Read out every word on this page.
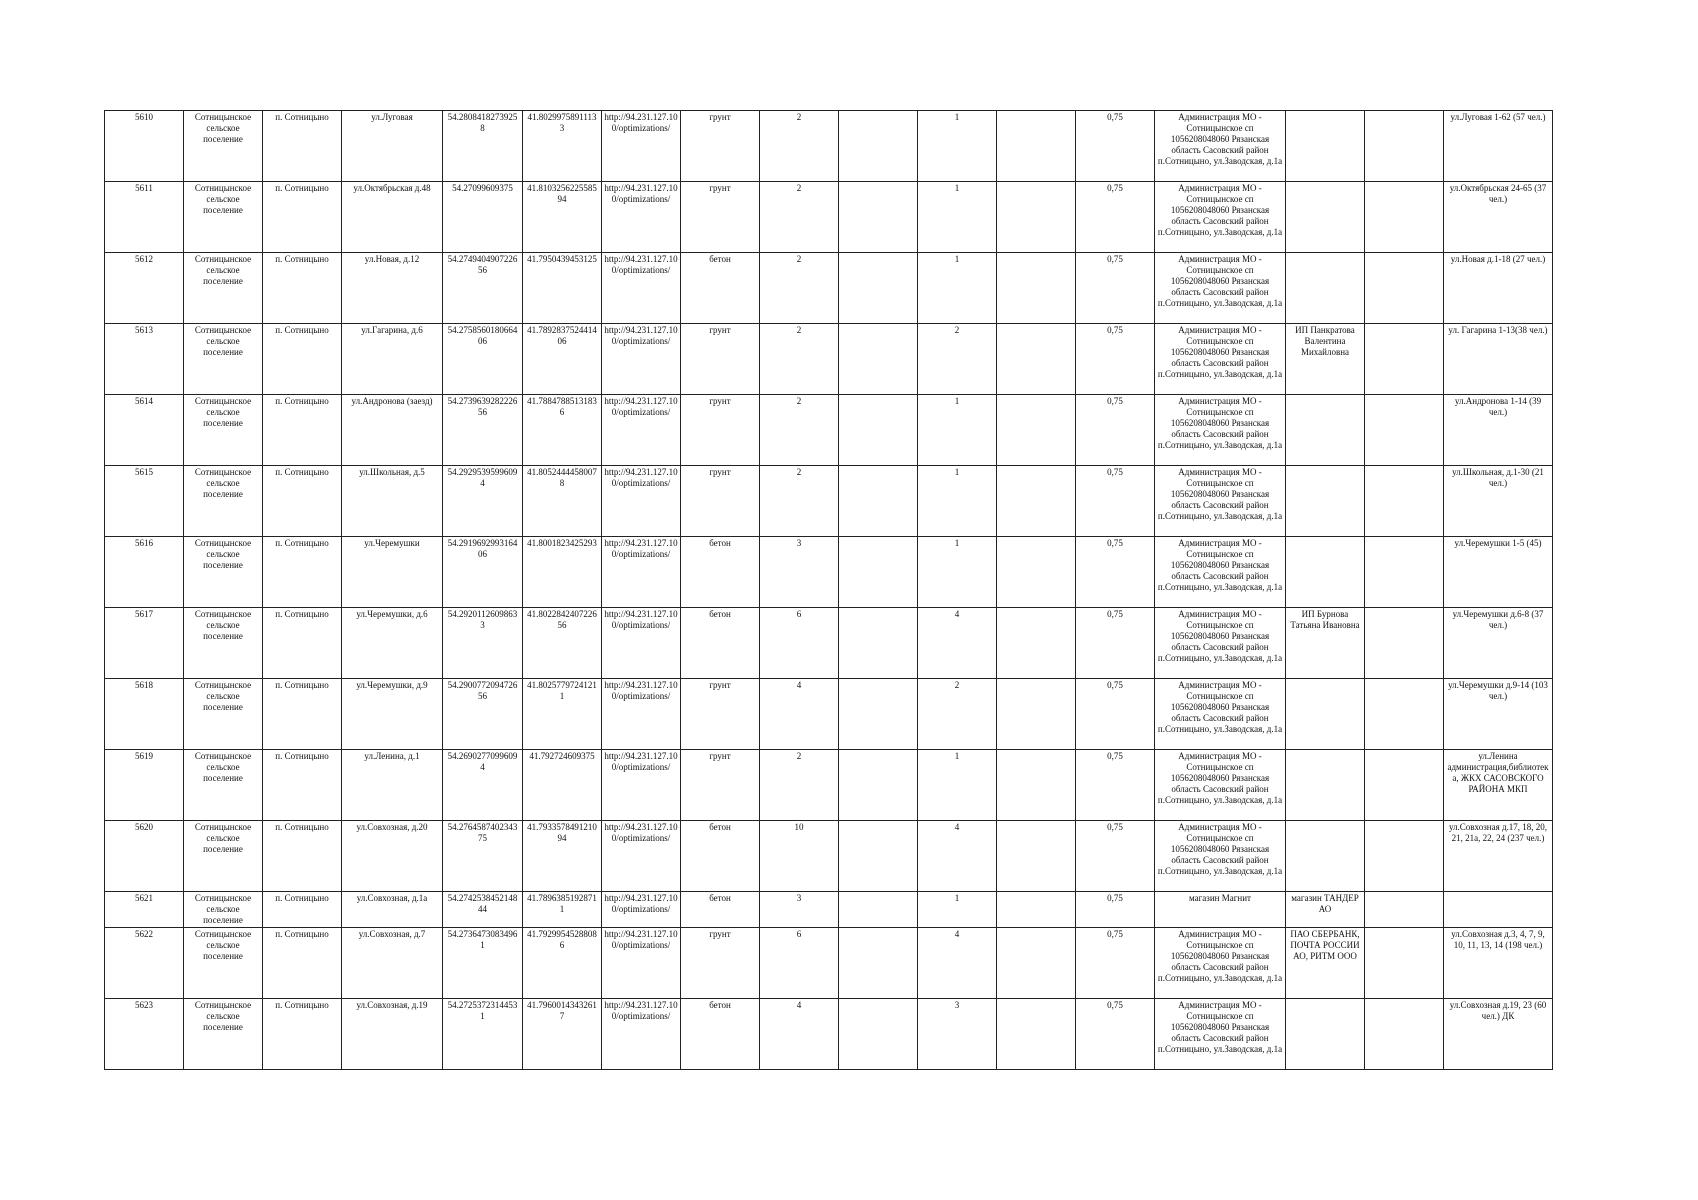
5610	Сотницынское сельское поселение	п. Сотницыно	ул.Луговая	54.2808418273925 8	41.8029975891113 3	http://94.231.127.10 0/optimizations/	грунт	2		1		0,75	Администрация МО - Сотницынское сп 1056208048060 Рязанская область Сасовский район п.Сотницыно, ул.Заводская, д.1а			ул.Луговая 1-62 (57 чел.)
5611	Сотницынское сельское поселение	п. Сотницыно	ул.Октябрьская д.48	54.27099609375	41.8103256225585 94	http://94.231.127.10 0/optimizations/	грунт	2		1		0,75	Администрация МО - Сотницынское сп 1056208048060 Рязанская область Сасовский район п.Сотницыно, ул.Заводская, д.1а			ул.Октябрьская 24-65 (37 чел.)
5612	Сотницынское сельское поселение	п. Сотницыно	ул.Новая, д.12	54.2749404907226 56	41.7950439453125	http://94.231.127.10 0/optimizations/	бетон	2		1		0,75	Администрация МО - Сотницынское сп 1056208048060 Рязанская область Сасовский район п.Сотницыно, ул.Заводская, д.1а			ул.Новая д.1-18 (27 чел.)
5613	Сотницынское сельское поселение	п. Сотницыно	ул.Гагарина, д.6	54.2758560180664 06	41.7892837524414 06	http://94.231.127.10 0/optimizations/	грунт	2		2		0,75	Администрация МО - Сотницынское сп 1056208048060 Рязанская область Сасовский район п.Сотницыно, ул.Заводская, д.1а	ИП Панкратова Валентина Михайловна		ул. Гагарина 1-13(38 чел.)
5614	Сотницынское сельское поселение	п. Сотницыно	ул.Андронова (заезд)	54.2739639282226 56	41.7884788513183 6	http://94.231.127.10 0/optimizations/	грунт	2		1		0,75	Администрация МО - Сотницынское сп 1056208048060 Рязанская область Сасовский район п.Сотницыно, ул.Заводская, д.1а			ул.Андронова 1-14 (39 чел.)
5615	Сотницынское сельское поселение	п. Сотницыно	ул.Школьная, д.5	54.2929539599609 4	41.8052444458007 8	http://94.231.127.10 0/optimizations/	грунт	2		1		0,75	Администрация МО - Сотницынское сп 1056208048060 Рязанская область Сасовский район п.Сотницыно, ул.Заводская, д.1а			ул.Школьная, д.1-30 (21 чел.)
5616	Сотницынское сельское поселение	п. Сотницыно	ул.Черемушки	54.2919692993164 06	41.8001823425293	http://94.231.127.10 0/optimizations/	бетон	3		1		0,75	Администрация МО - Сотницынское сп 1056208048060 Рязанская область Сасовский район п.Сотницыно, ул.Заводская, д.1а			ул.Черемушки 1-5 (45)
5617	Сотницынское сельское поселение	п. Сотницыно	ул.Черемушки, д.6	54.2920112609863 3	41.8022842407226 56	http://94.231.127.10 0/optimizations/	бетон	6		4		0,75	Администрация МО - Сотницынское сп 1056208048060 Рязанская область Сасовский район п.Сотницыно, ул.Заводская, д.1а	ИП Бурнова Татьяна Ивановна		ул.Черемушки д.6-8 (37 чел.)
5618	Сотницынское сельское поселение	п. Сотницыно	ул.Черемушки, д.9	54.2900772094726 56	41.8025779724121 1	http://94.231.127.10 0/optimizations/	грунт	4		2		0,75	Администрация МО - Сотницынское сп 1056208048060 Рязанская область Сасовский район п.Сотницыно, ул.Заводская, д.1а			ул.Черемушки д.9-14 (103 чел.)
5619	Сотницынское сельское поселение	п. Сотницыно	ул.Ленина, д.1	54.2690277099609 4	41.792724609375	http://94.231.127.10 0/optimizations/	грунт	2		1		0,75	Администрация МО - Сотницынское сп 1056208048060 Рязанская область Сасовский район п.Сотницыно, ул.Заводская, д.1а			ул.Ленина администрация,библиотека, ЖКХ САСОВСКОГО РАЙОНА МКП
5620	Сотницынское сельское поселение	п. Сотницыно	ул.Совхозная, д.20	54.2764587402343 75	41.7933578491210 94	http://94.231.127.10 0/optimizations/	бетон	10		4		0,75	Администрация МО - Сотницынское сп 1056208048060 Рязанская область Сасовский район п.Сотницыно, ул.Заводская, д.1а			ул.Совхозная д.17, 18, 20, 21, 21а, 22, 24 (237 чел.)
5621	Сотницынское сельское поселение	п. Сотницыно	ул.Совхозная, д.1а	54.2742538452148 44	41.7896385192871 1	http://94.231.127.10 0/optimizations/	бетон	3		1		0,75	магазин Магнит	магазин ТАНДЕР АО		
5622	Сотницынское сельское поселение	п. Сотницыно	ул.Совхозная, д.7	54.2736473083496 1	41.7929954528808 6	http://94.231.127.10 0/optimizations/	грунт	6		4		0,75	Администрация МО - Сотницынское сп 1056208048060 Рязанская область Сасовский район п.Сотницыно, ул.Заводская, д.1а	ПАО СБЕРБАНК, ПОЧТА РОССИИ АО, РИТМ ООО		ул.Совхозная д.3, 4, 7, 9, 10, 11, 13, 14 (198 чел.)
5623	Сотницынское сельское поселение	п. Сотницыно	ул.Совхозная, д.19	54.2725372314453 1	41.7960014343261 7	http://94.231.127.10 0/optimizations/	бетон	4		3		0,75	Администрация МО - Сотницынское сп 1056208048060 Рязанская область Сасовский район п.Сотницыно, ул.Заводская, д.1а			ул.Совхозная д.19, 23 (60 чел.) ДК
